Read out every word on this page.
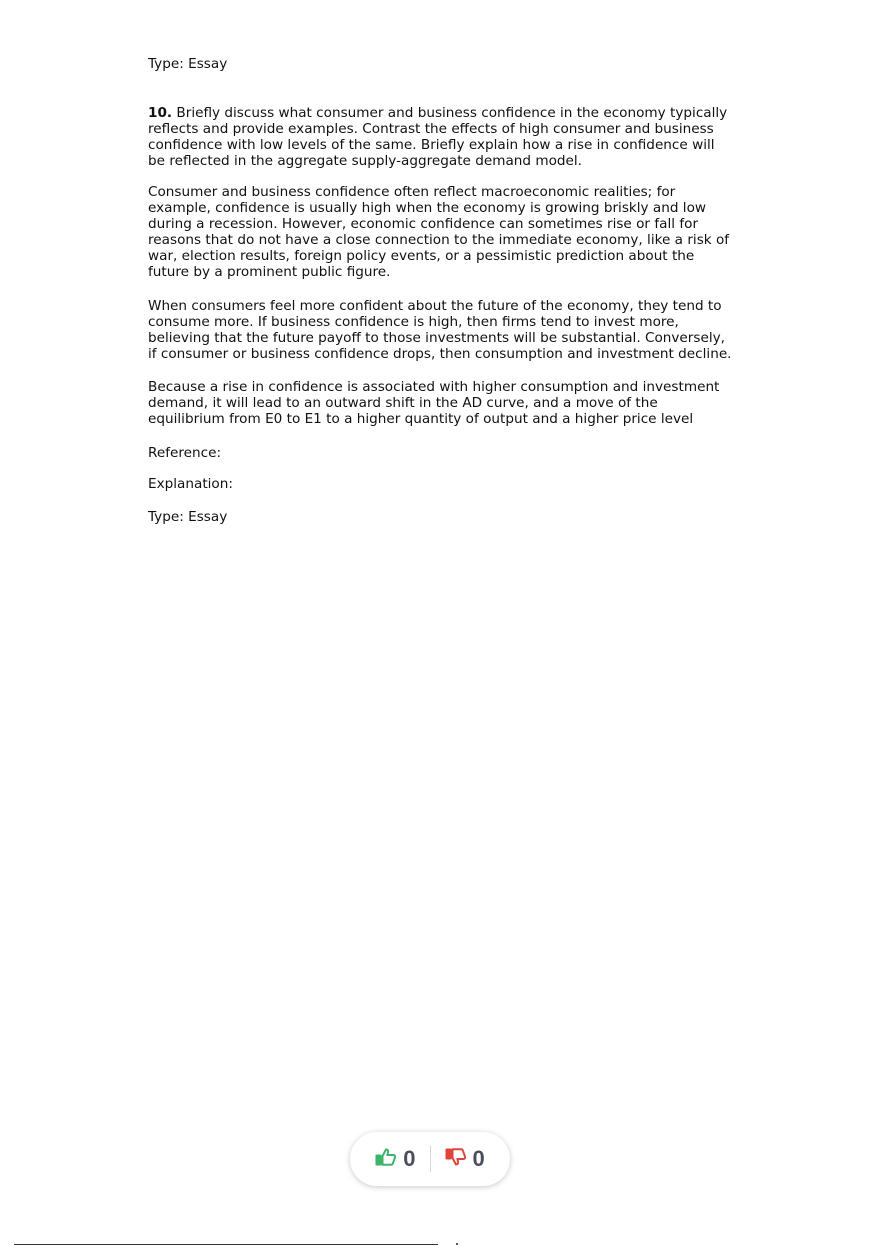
Type: Essay

10. Briefly discuss what consumer and business confidence in the economy typically
reflects and provide examples. Contrast the effects of high consumer and business
confidence with low levels of the same. Briefly explain how a rise in confidence will
be reflected in the aggregate supply-aggregate demand model.
Consumer and business confidence often reflect macroeconomic realities; for
example, confidence is usually high when the economy is growing briskly and low
during a recession. However, economic confidence can sometimes rise or fall for
reasons that do not have a close connection to the immediate economy, like a risk of
war, election results, foreign policy events, or a pessimistic prediction about the
future by a prominent public figure.
When consumers feel more confident about the future of the economy, they tend to
consume more. If business confidence is high, then firms tend to invest more,
believing that the future payoff to those investments will be substantial. Conversely,
if consumer or business confidence drops, then consumption and investment decline.
Because a rise in confidence is associated with higher consumption and investment
demand, it will lead to an outward shift in the AD curve, and a move of the
equilibrium from E0 to E1 to a higher quantity of output and a higher price level

Reference:

Explanation:

Type: Essay

0	0
